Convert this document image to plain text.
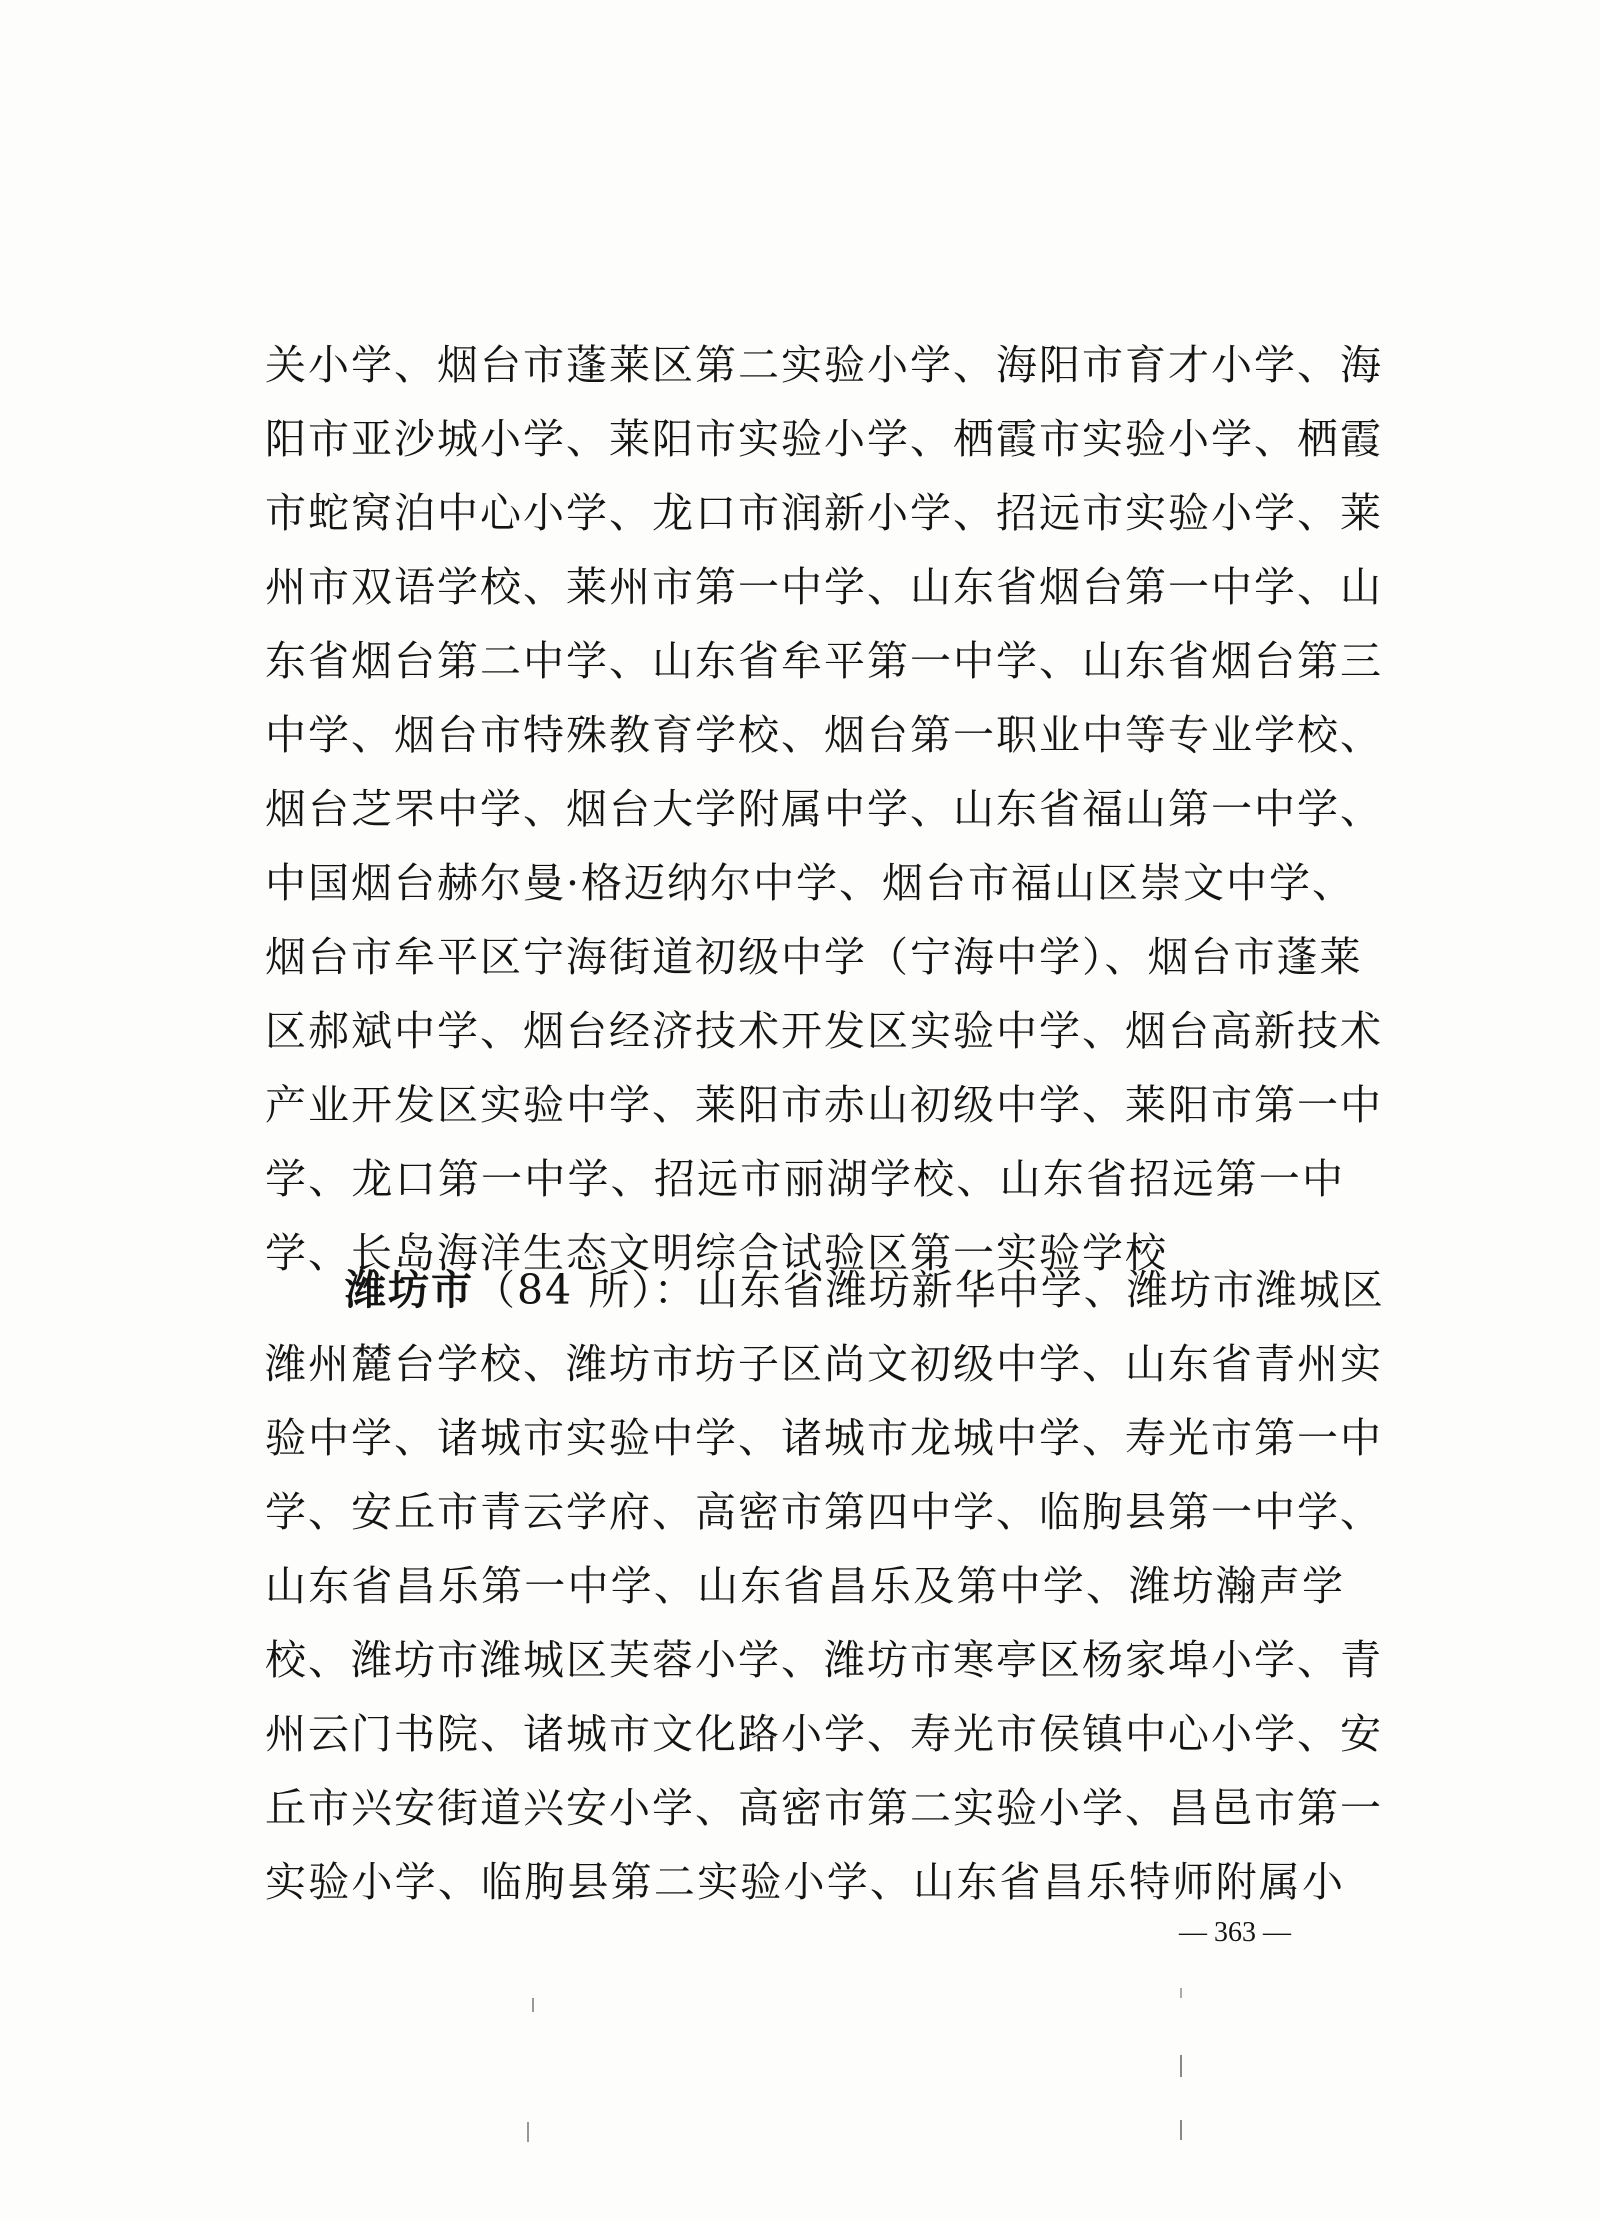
关小学、烟台市蓬莱区第二实验小学、海阳市育才小学、海
阳市亚沙城小学、莱阳市实验小学、栖霞市实验小学、栖霞
市蛇窝泊中心小学、龙口市润新小学、招远市实验小学、莱
州市双语学校、莱州市第一中学、山东省烟台第一中学、山
东省烟台第二中学、山东省牟平第一中学、山东省烟台第三
中学、烟台市特殊教育学校、烟台第一职业中等专业学校、
烟台芝罘中学、烟台大学附属中学、山东省福山第一中学、
中国烟台赫尔曼·格迈纳尔中学、烟台市福山区崇文中学、
烟台市牟平区宁海街道初级中学（宁海中学）、烟台市蓬莱
区郝斌中学、烟台经济技术开发区实验中学、烟台高新技术
产业开发区实验中学、莱阳市赤山初级中学、莱阳市第一中
学、龙口第一中学、招远市丽湖学校、山东省招远第一中
学、长岛海洋生态文明综合试验区第一实验学校
潍坊市（84 所）：山东省潍坊新华中学、潍坊市潍城区
潍州麓台学校、潍坊市坊子区尚文初级中学、山东省青州实
验中学、诸城市实验中学、诸城市龙城中学、寿光市第一中
学、安丘市青云学府、高密市第四中学、临朐县第一中学、
山东省昌乐第一中学、山东省昌乐及第中学、潍坊瀚声学
校、潍坊市潍城区芙蓉小学、潍坊市寒亭区杨家埠小学、青
州云门书院、诸城市文化路小学、寿光市侯镇中心小学、安
丘市兴安街道兴安小学、高密市第二实验小学、昌邑市第一
实验小学、临朐县第二实验小学、山东省昌乐特师附属小
— 363 —
